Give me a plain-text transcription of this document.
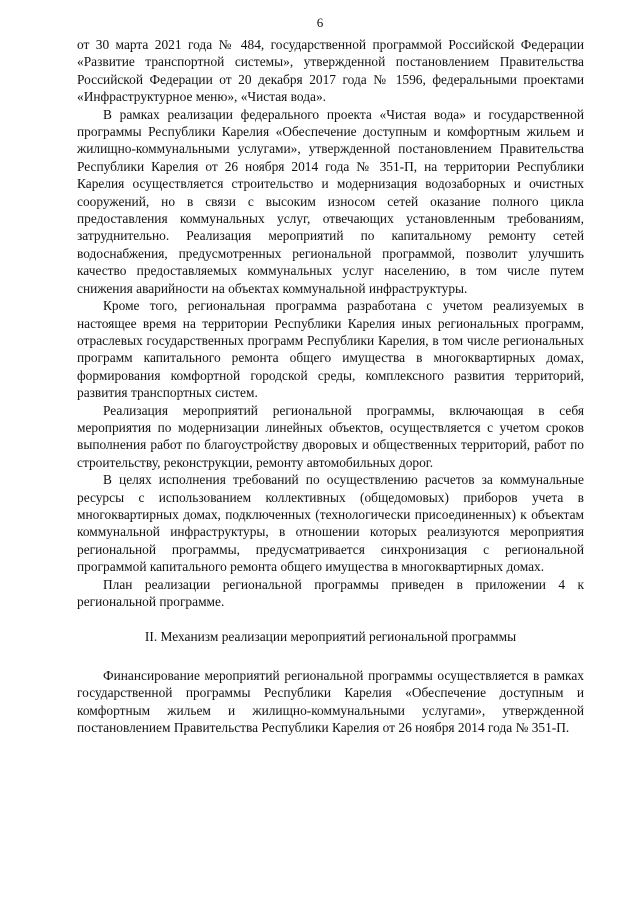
6

от 30 марта 2021 года № 484, государственной программой Российской Федерации «Развитие транспортной системы», утвержденной постановлением Правительства Российской Федерации от 20 декабря 2017 года № 1596, федеральными проектами «Инфраструктурное меню», «Чистая вода».

В рамках реализации федерального проекта «Чистая вода» и государственной программы Республики Карелия «Обеспечение доступным и комфортным жильем и жилищно-коммунальными услугами», утвержденной постановлением Правительства Республики Карелия от 26 ноября 2014 года № 351-П, на территории Республики Карелия осуществляется строительство и модернизация водозаборных и очистных сооружений, но в связи с высоким износом сетей оказание полного цикла предоставления коммунальных услуг, отвечающих установленным требованиям, затруднительно. Реализация мероприятий по капитальному ремонту сетей водоснабжения, предусмотренных региональной программой, позволит улучшить качество предоставляемых коммунальных услуг населению, в том числе путем снижения аварийности на объектах коммунальной инфраструктуры.

Кроме того, региональная программа разработана с учетом реализуемых в настоящее время на территории Республики Карелия иных региональных программ, отраслевых государственных программ Республики Карелия, в том числе региональных программ капитального ремонта общего имущества в многоквартирных домах, формирования комфортной городской среды, комплексного развития территорий, развития транспортных систем.

Реализация мероприятий региональной программы, включающая в себя мероприятия по модернизации линейных объектов, осуществляется с учетом сроков выполнения работ по благоустройству дворовых и общественных территорий, работ по строительству, реконструкции, ремонту автомобильных дорог.

В целях исполнения требований по осуществлению расчетов за коммунальные ресурсы с использованием коллективных (общедомовых) приборов учета в многоквартирных домах, подключенных (технологически присоединенных) к объектам коммунальной инфраструктуры, в отношении которых реализуются мероприятия региональной программы, предусматривается синхронизация с региональной программой капитального ремонта общего имущества в многоквартирных домах.

План реализации региональной программы приведен в приложении 4 к региональной программе.

II. Механизм реализации мероприятий региональной программы

Финансирование мероприятий региональной программы осуществляется в рамках государственной программы Республики Карелия «Обеспечение доступным и комфортным жильем и жилищно-коммунальными услугами», утвержденной постановлением Правительства Республики Карелия от 26 ноября 2014 года № 351-П.
